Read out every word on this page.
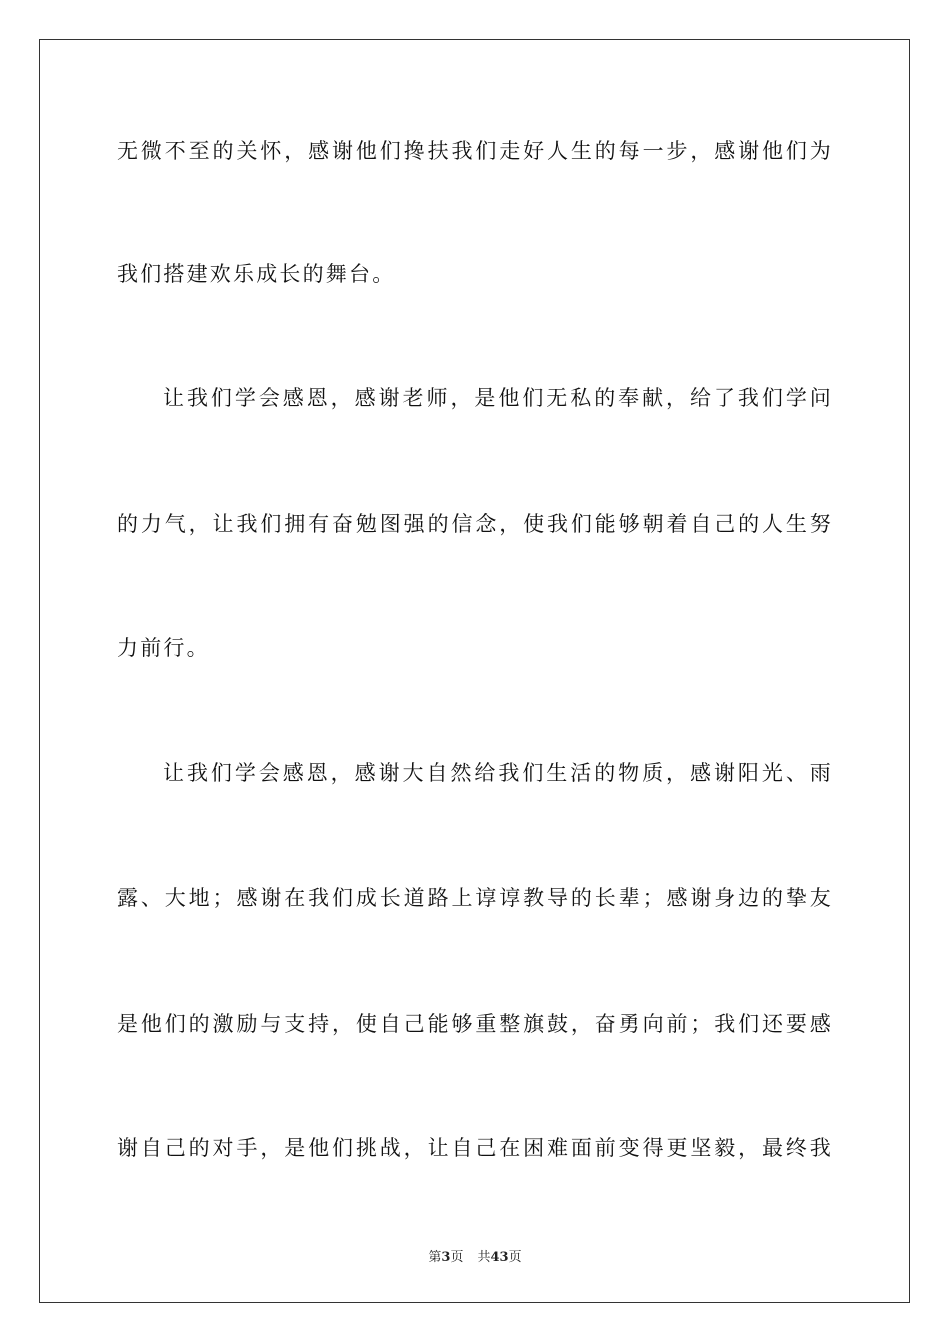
无微不至的关怀，感谢他们搀扶我们走好人生的每一步，感谢他们为
我们搭建欢乐成长的舞台。
让我们学会感恩，感谢老师，是他们无私的奉献，给了我们学问
的力气，让我们拥有奋勉图强的信念，使我们能够朝着自己的人生努
力前行。
让我们学会感恩，感谢大自然给我们生活的物质，感谢阳光、雨
露、大地；感谢在我们成长道路上谆谆教导的长辈；感谢身边的挚友
是他们的激励与支持，使自己能够重整旗鼓，奋勇向前；我们还要感
谢自己的对手，是他们挑战，让自己在困难面前变得更坚毅，最终我
第3页 共43页
